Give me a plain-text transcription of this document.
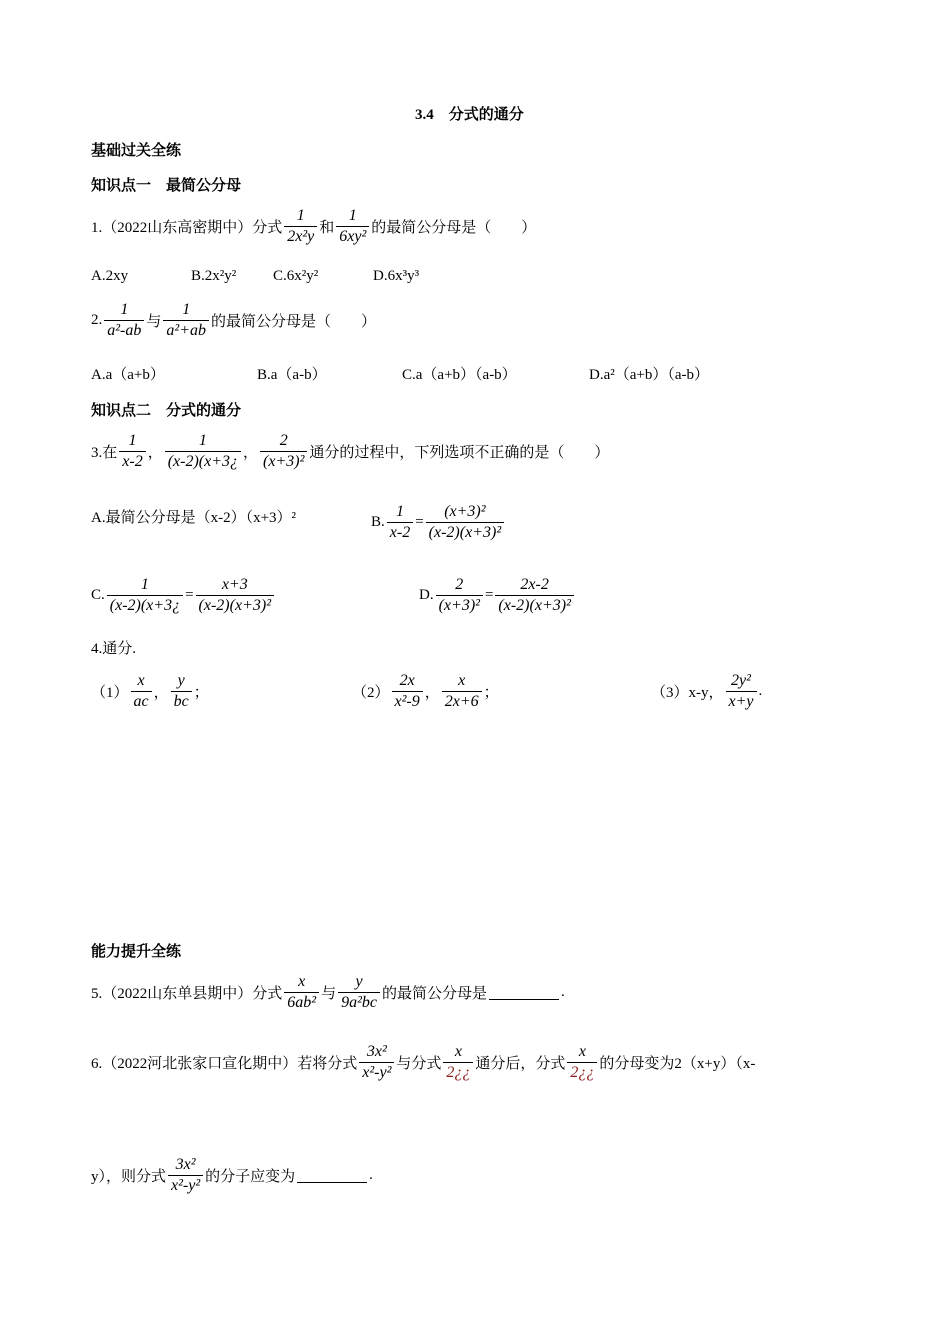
3.4　分式的通分
基础过关全练
知识点一　最简公分母
1.（2022山东高密期中）分式 $\frac{1}{\text{2x²y}}$ 和 $\frac{1}{\text{6xy²}}$ 的最简公分母是（　　）
A.2xy	B.2x²y² C.6x²y²	D.6x³y³
2. $\frac{1}{\text{a²-ab}}$ 与 $\frac{1}{\text{a²+ab}}$ 的最简公分母是（　　）
A.a（a+b）	B.a（a-b）	C.a（a+b）（a-b）	D.a²（a+b）（a-b）
知识点二　分式的通分
3.在 $\frac{1}{x-2}$ ， $\frac{1}{(x-2)(x+3¿}$ ， $\frac{2}{\text{(x+3)²}}$ 通分的过程中，下列选项不正确的是（　　）
A.最简公分母是（x-2）（x+3）²	B. $\frac{1}{x-2} = \frac{\text{(x+3)²}}{\text{(x-2)(x+3)²}}$
C. $\frac{1}{(x-2)(x+3¿} = \frac{x+3}{\text{(x-2)(x+3)²}}$	D. $\frac{2}{\text{(x+3)²}} = \frac{2x-2}{\text{(x-2)(x+3)²}}$
4.通分.
$(1) \frac{x}{ac}$ ， $\frac{y}{bc}$ ；	$(2) \frac{2x}{\text{x²-9}}$ ， $\frac{x}{2x+6}$ ；	（3）x-y， $\frac{\text{2y²}}{x+y}$ .
能力提升全练
5.（2022山东单县期中）分式 $\frac{x}{\text{6ab²}}$ 与 $\frac{y}{\text{9a²bc}}$ 的最简公分母是	.
6.（2022河北张家口宣化期中）若将分式 $\frac{\text{3x²}}{\text{x²-y²}}$ 与分式 $\frac{x}{2¿¿}$ 通分后，分式 $\frac{x}{2¿¿}$ 的分母变为2（x+y）（x-
y），则分式 $\frac{\text{3x²}}{\text{x²-y²}}$ 的分子应变为	.
